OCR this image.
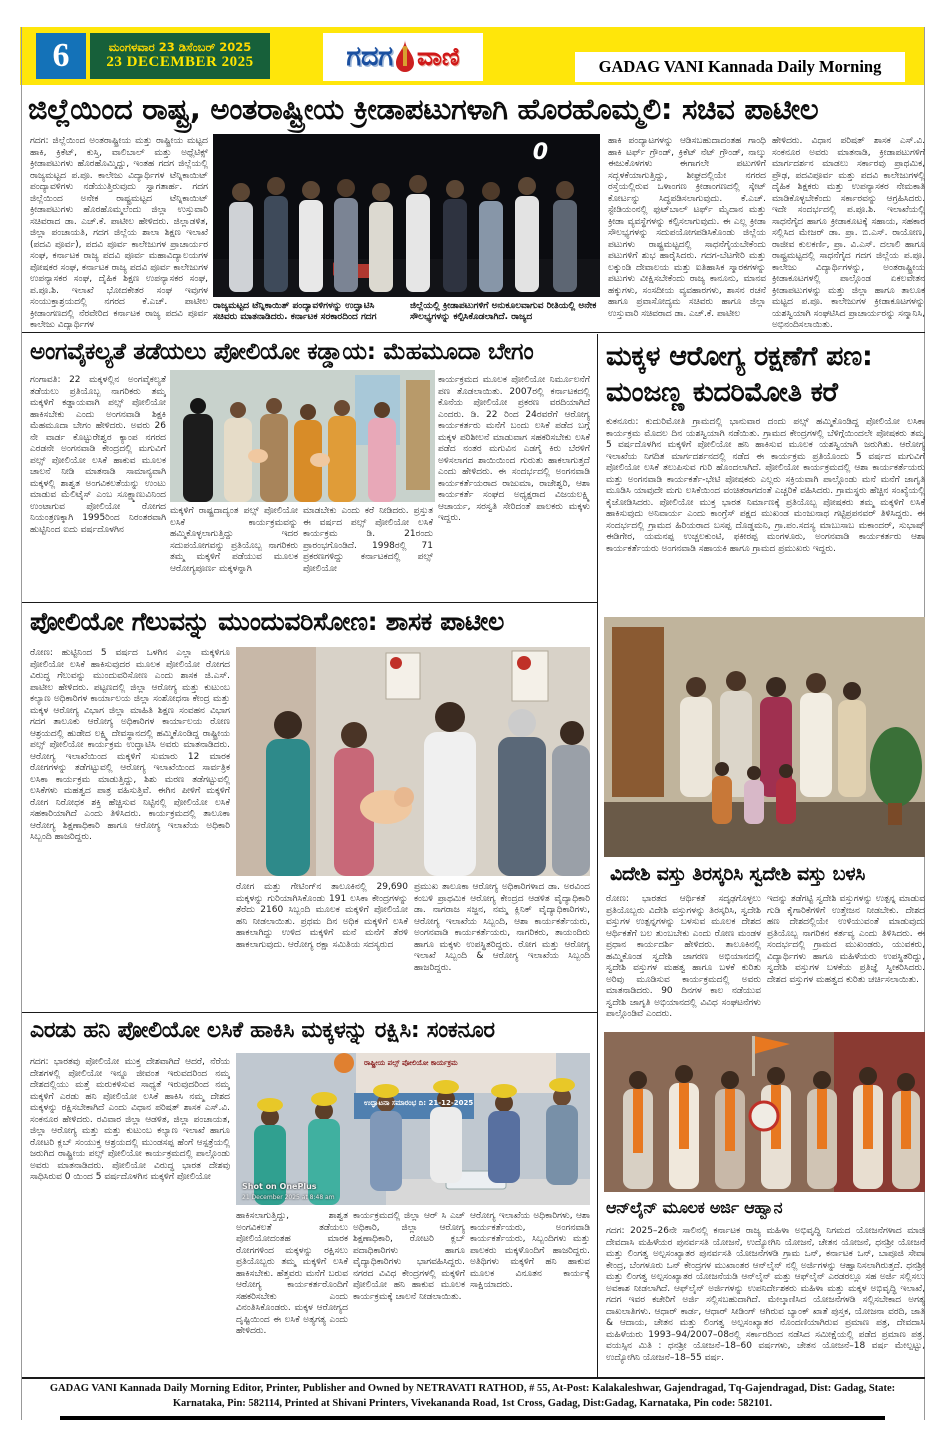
6	ಮಂಗಳವಾರ 23 ಡಿಸೆಂಬರ್ 2025
23 DECEMBER 2025	ಗದಗ ವಾಣಿ	GADAG VANI Kannada Daily Morning
ಜಿಲ್ಲೆಯಿಂದ ರಾಷ್ಟ್ರ, ಅಂತರಾಷ್ಟ್ರೀಯ ಕ್ರೀಡಾಪಟುಗಳಾಗಿ ಹೊರಹೊಮ್ಮಲಿ: ಸಚಿವ ಪಾಟೀಲ
ಗದಗ: ಜಿಲ್ಲೆಯಿಂದ ಅಂತರಾಷ್ಟ್ರೀಯ ಮತ್ತು ರಾಷ್ಟ್ರೀಯ ಮಟ್ಟದ ಹಾಕಿ, ಕ್ರಿಕೆಟ್, ಕುಸ್ತಿ, ವಾಲಿಬಾಲ್ ಮತ್ತು ಅಥ್ಲೆಟಿಕ್ಸ್ ಕ್ರೀಡಾಪಟುಗಳು ಹೊರಹೊಮ್ಮಿದ್ದು, ಇಂತಹ ಗದಗ ಜಿಲ್ಲೆಯಲ್ಲಿ ರಾಜ್ಯಮಟ್ಟದ ಪ.ಪೂ. ಕಾಲೇಜು ವಿದ್ಯಾರ್ಥಿಗಳ ಟೆನ್ನಿಕಾಯಿಟ್ ಪಂದ್ಯಾವಳಿಗಳು ನಡೆಯುತ್ತಿರುವುದು ಸ್ವಾಗತಾರ್ಹ. ಗದಗ ಜಿಲ್ಲೆಯಿಂದ ಅನೇಕ ರಾಷ್ಟ್ರಮಟ್ಟದ ಟೆನ್ನಿಕಾಯಿಟ್ ಕ್ರೀಡಾಪಟುಗಳು ಹೊರಹೊಮ್ಮಲೆಂದು ಜಿಲ್ಲಾ ಉಸ್ತುವಾರಿ ಸಚಿವರಾದ ಡಾ. ಎಚ್.ಕೆ. ಪಾಟೀಲ ಹೇಳಿದರು. ಜಿಲ್ಲಾಡಳಿತ, ಜಿಲ್ಲಾ ಪಂಚಾಯತಿ, ಗದಗ ಜಿಲ್ಲೆಯ ಶಾಲಾ ಶಿಕ್ಷಣ ಇಲಾಖೆ (ಪದವಿ ಪೂರ್ವ), ಪದವಿ ಪೂರ್ವ ಕಾಲೇಜುಗಳ ಪ್ರಾಚಾರ್ಯರ ಸಂಘ, ಕರ್ನಾಟಕ ರಾಜ್ಯ ಪದವಿ ಪೂರ್ವ ಮಹಾವಿದ್ಯಾಲಯಗಳ ಪೋಷಕರ ಸಂಘ, ಕರ್ನಾಟಕ ರಾಜ್ಯ ಪದವಿ ಪೂರ್ವ ಕಾಲೇಜುಗಳ ಉಪನ್ಯಾಸಕರ ಸಂಘ, ದೈಹಿಕ ಶಿಕ್ಷಣ ಉಪನ್ಯಾಸಕರ ಸಂಘ, ಪ.ಪೂ.ಶಿ. ಇಲಾಖೆ ಭೋದಕೇತರ ಸಂಘ ಇವುಗಳ ಸಂಯುಕ್ತಾಶ್ರಯದಲ್ಲಿ ನಗರದ ಕೆ.ಎಚ್. ಪಾಟೀಲ ಕ್ರೀಡಾಂಗಣದಲ್ಲಿ ನೆರವೇರಿದ ಕರ್ನಾಟಕ ರಾಜ್ಯ ಪದವಿ ಪೂರ್ವ ಕಾಲೇಜು ವಿದ್ಯಾರ್ಥಿಗಳ
0
ರಾಜ್ಯಮಟ್ಟದ ಟೆನ್ನಿಕಾಯಿತ್ ಪಂದ್ಯಾವಳಿಗಳನ್ನು ಉದ್ಘಾಟಿಸಿ ಸಚಿವರು ಮಾತನಾಡಿದರು. ಕರ್ನಾಟಕ ಸರಕಾರದಿಂದ ಗದಗ
ಜಿಲ್ಲೆಯಲ್ಲಿ ಕ್ರೀಡಾಪಟುಗಳಿಗೆ ಅನುಕೂಲವಾಗುವ ರೀತಿಯಲ್ಲಿ ಅನೇಕ ಸೌಲಭ್ಯಗಳನ್ನು ಕಲ್ಪಿಸಿಕೊಡಲಾಗಿದೆ. ರಾಜ್ಯದ
ಹಾಕಿ ಪಂದ್ಯಾಟಗಳನ್ನು ಆಡಿಸಬಹುದಾದಂತಹ ಗಾಂಧಿ ಹಾಕಿ ಟರ್ಫ್ ಗ್ರೌಂಡ್, ಕ್ರಿಕೆಟ್ ನೆಟ್ ಗ್ರೌಂಡ್, ನಾಲ್ಕು ಈಜುಕೊಳಗಳು ಈಗಾಗಲೇ ಪಟುಗಳಿಗೆ ಸದ್ಬಳಕೆಯಾಗುತ್ತಿದ್ದು, ಶೀಘ್ರದಲ್ಲಿಯೇ ನಗರದ ರಸ್ತೆಯಲ್ಲಿರುವ ಒಳಾಂಗಣ ಕ್ರೀಡಾಂಗಣದಲ್ಲಿ ಸ್ಕೇಟ್ ಕೋರ್ಟನ್ನು ಸಿದ್ಧಪಡಿಸಲಾಗುವುದು. ಕೆ.ಎಚ್. ಸ್ಟೇಡಿಯಂನಲ್ಲಿ ಫುಟ್‌ಬಾಲ್ ಟರ್ಫ್ ಮೈದಾನ ಮತ್ತು ಕ್ರೀಡಾ ವ್ಯವಸ್ಥೆಗಳನ್ನು ಕಲ್ಪಿಸಲಾಗುವುದು. ಈ ಎಲ್ಲ ಕ್ರೀಡಾ ಸೌಲಭ್ಯಗಳನ್ನು ಸದುಪಯೋಗಪಡಿಸಿಕೊಂಡು ಜಿಲ್ಲೆಯ ಪಟುಗಳು ರಾಷ್ಟ್ರಮಟ್ಟದಲ್ಲಿ ಸಾಧನೆಗೈಯಬೇಕೆಂದು ಪಟುಗಳಿಗೆ ಶುಭ ಹಾರೈಸಿದರು. ಗದಗ-ಬೆಟಗೇರಿ ಮತ್ತು ಲಕ್ಕುಂಡಿ ದೇವಾಲಯ ಮತ್ತು ಐತಿಹಾಸಿಕ ಸ್ಮಾರಕಗಳನ್ನು ಪಟುಗಳು ವೀಕ್ಷಿಸಬೇಕೆಂದು ರಾಜ್ಯ ಕಾನೂನು, ಮಾನವ ಹಕ್ಕುಗಳು, ಸಂಸದೀಯ ವ್ಯವಹಾರಗಳು, ಶಾಸನ ರಚನೆ ಹಾಗೂ ಪ್ರವಾಸೋದ್ಯಮ ಸಚಿವರು ಹಾಗೂ ಜಿಲ್ಲಾ ಉಸ್ತುವಾರಿ ಸಚಿವರಾದ ಡಾ. ಎಚ್.ಕೆ. ಪಾಟೀಲ
ಹೇಳಿದರು. ವಿಧಾನ ಪರಿಷತ್ ಶಾಸಕ ಎಸ್.ವಿ. ಸಂಕನೂರ ಅವರು ಮಾತನಾಡಿ, ಕ್ರೀಡಾಪಟುಗಳಿಗೆ ಮಾರ್ಗದರ್ಶನ ಮಾಡಲು ಸರ್ಕಾರವು ಪ್ರಾಥಮಿಕ, ಪ್ರೌಢ, ಪದವಿಪೂರ್ವ ಮತ್ತು ಪದವಿ ಕಾಲೇಜುಗಳಲ್ಲಿ ದೈಹಿಕ ಶಿಕ್ಷಕರು ಮತ್ತು ಉಪನ್ಯಾಸಕರ ನೇಮಕಾತಿ ಮಾಡಿಕೊಳ್ಳಬೇಕೆಂದು ಸರ್ಕಾರವನ್ನು ಆಗ್ರಹಿಸಿದರು. ಇದೇ ಸಂದರ್ಭದಲ್ಲಿ ಪ.ಪೂ.ಶಿ. ಇಲಾಖೆಯಲ್ಲಿ ಸಾಧನೆಗೈದ ಹಾಗೂ ಕ್ರೀಡಾಕೂಟಕ್ಕೆ ಸಹಾಯ, ಸಹಕಾರ ಸಲ್ಲಿಸಿದ ಮೇಜರ್ ಡಾ. ಪ್ರಾ. ಬಿ.ಎಸ್. ರಾಯೋಣ, ರಾಜೀವ ಕುಲಕರ್ಣಿ, ಪ್ರಾ. ವಿ.ಎಸ್. ದಲಾಲಿ ಹಾಗೂ ರಾಷ್ಟ್ರಮಟ್ಟದಲ್ಲಿ ಸಾಧನೆಗೈದ ಗದಗ ಜಿಲ್ಲೆಯ ಪ.ಪೂ. ಕಾಲೇಜು ವಿದ್ಯಾರ್ಥಿಗಳನ್ನು, ಅಂತರಾಷ್ಟ್ರೀಯ ಕ್ರೀಡಾಕೂಟಗಳಲ್ಲಿ ಪಾಲ್ಗೊಂಡ ಏಕಲವೇತನ ಕ್ರೀಡಾಪಟುಗಳನ್ನು ಮತ್ತು ಜಿಲ್ಲಾ ಹಾಗೂ ತಾಲೂಕ ಮಟ್ಟದ ಪ.ಪೂ. ಕಾಲೇಜುಗಳ ಕ್ರೀಡಾಕೂಟಗಳನ್ನು ಯಶಸ್ವಿಯಾಗಿ ಸಂಘಟಿಸಿದ ಪ್ರಾಚಾರ್ಯರನ್ನು ಸನ್ಮಾನಿಸಿ, ಅಭಿನಂದಿಸಲಾಯಿತು.
ಅಂಗವೈಕಲ್ಯತೆ ತಡೆಯಲು ಪೋಲಿಯೋ ಕಡ್ಡಾಯ: ಮೆಹಮೂದಾ ಬೇಗಂ
ಗಂಗಾವತಿ: 22 ಮಕ್ಕಳಲ್ಲಿನ ಅಂಗವೈಕಲ್ಯತೆ ತಡೆಯಲು ಪ್ರತಿಯೊಬ್ಬ ನಾಗರಿಕರು ತಮ್ಮ ಮಕ್ಕಳಿಗೆ ಕಡ್ಡಾಯವಾಗಿ ಪಲ್ಸ್ ಪೋಲಿಯೋ ಹಾಕಿಸಬೇಕು ಎಂದು ಅಂಗನವಾಡಿ ಶಿಕ್ಷಕಿ ಮೆಹಮೂದಾ ಬೇಗಂ ಹೇಳಿದರು. ಅವರು 26 ನೇ ವಾರ್ಡ ಕೊಟ್ಟುರೇಶ್ವರ ಕ್ಯಾಂಪ ನಗರದ ಎರಡನೇ ಅಂಗನವಾಡಿ ಕೇಂದ್ರದಲ್ಲಿ ಮಗುವಿಗೆ ಪಲ್ಸ್ ಪೋಲಿಯೋ ಲಸಿಕೆ ಹಾಕುವ ಮೂಲಕ ಚಾಲನೆ ನೀಡಿ ಮಾತನಾಡಿ ಸಾಮಾನ್ಯವಾಗಿ ಮಕ್ಕಳಲ್ಲಿ ಶಾಶ್ವತ ಅಂಗವಿಕಲತೆಯನ್ನು ಉಂಟು ಮಾಡುವ ಮೆಲಿಟೈಸ್ ಎಂಬ ಸೂಕ್ಷ್ಮಾಣುವಿನಿಂದ ಉಂಟಾಗುವ ಪೋಲಿಯೋ ರೋಗದ ನಿಯಂತ್ರಣಕ್ಕಾಗಿ 1995ರಿಂದ ನಿರಂತರವಾಗಿ ಹುಟ್ಟಿನಿಂದ ಐದು ವರ್ಷದೊಳಗಿನ
ಮಕ್ಕಳಿಗೆ ರಾಷ್ಟ್ರದಾದ್ಯಂತ ಪಲ್ಸ್ ಪೋಲಿಯೋ ಲಸಿಕೆ ಕಾರ್ಯಕ್ರಮವನ್ನು ಹಮ್ಮಿಕೊಳ್ಳಲಾಗುತ್ತಿದ್ದು ಇದರ ಸದುಪಯೋಗವನ್ನು ಪ್ರತಿಯೊಬ್ಬ ನಾಗರಿಕರು ತಮ್ಮ ಮಕ್ಕಳಿಗೆ ಪಡೆಯುವ ಮೂಲಕ ಆರೋಗ್ಯಪೂರ್ಣ ಮಕ್ಕಳನ್ನಾಗಿ
ಮಾಡಬೇಕು ಎಂದು ಕರೆ ನೀಡಿದರು. ಪ್ರಸ್ತುತ ಈ ವರ್ಷದ ಪಲ್ಸ್ ಪೋಲಿಯೋ ಲಸಿಕೆ ಕಾರ್ಯಕ್ರಮ ಡಿ. 21ರಂದು ಪ್ರಾರಂಭಗೊಂಡಿದೆ. 1998ರಲ್ಲಿ 71 ಪ್ರಕರಣಗಳಿದ್ದು ಕರ್ನಾಟಕದಲ್ಲಿ ಪಲ್ಸ್ ಪೋಲಿಯೋ
ಕಾರ್ಯಕ್ರಮದ ಮೂಲಕ ಪೋಲಿಯೋ ನಿರ್ಮೂಲನೆಗೆ ಪಣ ತೊಡಲಾಯಿತು. 2007ರಲ್ಲಿ ಕರ್ನಾಟಕದಲ್ಲಿ ಕೊನೆಯ ಪೋಲಿಯೋ ಪ್ರಕರಣ ವರದಿಯಾಗಿದೆ ಎಂದರು. ಡಿ. 22 ರಿಂದ 24ರವರೆಗೆ ಆರೋಗ್ಯ ಕಾರ್ಯಕರ್ತರು ಮನೆಗೆ ಬಂದು ಲಸಿಕೆ ಪಡೆದ ಬಗ್ಗೆ ಮಕ್ಕಳ ಪರಿಶೀಲನೆ ಮಾಡುವಾಗ ಸಹಕರಿಸಬೇಕು ಲಸಿಕೆ ಪಡೆದ ನಂತರ ಮಗುವಿನ ಎಡಗೈ ಕಿರು ಬೆರಳಿಗೆ ಅಳಿಸಲಾಗದ ಶಾಯಿಯಿಂದ ಗುರುತು ಹಾಕಲಾಗುತ್ತದೆ ಎಂದು ಹೇಳಿದರು. ಈ ಸಂದರ್ಭದಲ್ಲಿ ಅಂಗನವಾಡಿ ಕಾರ್ಯಕರ್ತೆಯರಾದ ರಾಜುಮಾ, ರಾಜೇಶ್ವರಿ, ಆಶಾ ಕಾರ್ಯಕರ್ತೆ ಸಂಘದ ಅಧ್ಯಕ್ಷರಾದ ವಿಜಯಲಕ್ಷ್ಮಿ ಆಚಾರ್ಯ, ಸರಸ್ವತಿ ಸೇರಿದಂತೆ ಪಾಲಕರು ಮಕ್ಕಳು ಇದ್ದರು.
ಪೋಲಿಯೋ ಗೆಲುವನ್ನು ಮುಂದುವರಿಸೋಣ: ಶಾಸಕ ಪಾಟೀಲ
ರೋಣ: ಹುಟ್ಟಿನಿಂದ 5 ವರ್ಷದ ಒಳಗಿನ ಎಲ್ಲಾ ಮಕ್ಕಳಿಗೂ ಪೋಲಿಯೋ ಲಸಿಕೆ ಹಾಕಿಸುವುದರ ಮೂಲಕ ಪೋಲಿಯೋ ರೋಗದ ವಿರುದ್ಧ ಗೆಲುವನ್ನು ಮುಂದುವರಿಸೋಣ ಎಂದು ಶಾಸಕ ಜಿ.ಎಸ್. ಪಾಟೀಲ ಹೇಳಿದರು. ಪಟ್ಟಣದಲ್ಲಿ ಜಿಲ್ಲಾ ಆರೋಗ್ಯ ಮತ್ತು ಕುಟುಂಬ ಕಲ್ಯಾಣ ಅಧಿಕಾರಿಗಳ ಕಾರ್ಯಾಲಯ ಜಿಲ್ಲಾ ಸಂಶೋಧನಾ ಕೇಂದ್ರ ಮತ್ತು ಮಕ್ಕಳ ಆರೋಗ್ಯ ವಿಭಾಗ ಜಿಲ್ಲಾ ಮಾಹಿತಿ ಶಿಕ್ಷಣ ಸಂವಹನ ವಿಭಾಗ ಗದಗ ತಾಲೂಕು ಆರೋಗ್ಯ ಅಧಿಕಾರಿಗಳ ಕಾರ್ಯಾಲಯ ರೋಣ ಆಶ್ರಯದಲ್ಲಿ ಹುಡೇದ ಲಕ್ಷ್ಮಿ ದೇವಸ್ಥಾನದಲ್ಲಿ ಹಮ್ಮಿಕೊಂಡಿದ್ದ ರಾಷ್ಟ್ರೀಯ ಪಲ್ಸ್ ಪೋಲಿಯೋ ಕಾರ್ಯಕ್ರಮ ಉದ್ಘಾಟಿಸಿ ಅವರು ಮಾತನಾಡಿದರು. ಆರೋಗ್ಯ ಇಲಾಖೆಯಿಂದ ಮಕ್ಕಳಿಗೆ ಸುಮಾರು 12 ಮಾರಕ ರೋಗಗಳನ್ನು ತಡೆಗಟ್ಟುವಲ್ಲಿ ಆರೋಗ್ಯ ಇಲಾಖೆಯಿಂದ ಸಾರ್ವತ್ರಿಕ ಲಸಿಕಾ ಕಾರ್ಯಕ್ರಮ ಮಾಡುತ್ತಿದ್ದು, ಶಿಶು ಮರಣ ತಡೆಗಟ್ಟುವಲ್ಲಿ ಲಸಿಕೆಗಳು ಮಹತ್ವದ ಪಾತ್ರ ವಹಿಸುತ್ತಿವೆ. ಈಗಿನ ಪೀಳಿಗೆ ಮಕ್ಕಳಿಗೆ ರೋಗ ನಿರೋಧಕ ಶಕ್ತಿ ಹೆಚ್ಚಿಸುವ ನಿಟ್ಟಿನಲ್ಲಿ ಪೋಲಿಯೋ ಲಸಿಕೆ ಸಹಕಾರಿಯಾಗಿದೆ ಎಂದು ತಿಳಿಸಿದರು. ಕಾರ್ಯಕ್ರಮದಲ್ಲಿ ತಾಲೂಕಾ ಆರೋಗ್ಯ ಶಿಕ್ಷಣಾಧಿಕಾರಿ ಹಾಗೂ ಆರೋಗ್ಯ ಇಲಾಖೆಯ ಅಧಿಕಾರಿ ಸಿಬ್ಬಂದಿ ಹಾಜರಿದ್ದರು.
ರೋಗ ಮತ್ತು ಗೇಟಿಂಗ್‌ನ ತಾಲೂಕಿನಲ್ಲಿ 29,690 ಮಕ್ಕಳನ್ನು ಗುರಿಯಾಗಿಸಿಕೊಂಡು 191 ಲಸಿಕಾ ಕೇಂದ್ರಗಳನ್ನು ತೆರೆದು 2160 ಸಿಬ್ಬಂದಿ ಮೂಲಕ ಮಕ್ಕಳಿಗೆ ಪೋಲಿಯೋ ಹನಿ ನೀಡಲಾಯಿತು. ಪ್ರಥಮ ದಿನ ಅಧಿಕ ಮಕ್ಕಳಿಗೆ ಲಸಿಕೆ ಹಾಕಲಾಗಿದ್ದು ಉಳಿದ ಮಕ್ಕಳಿಗೆ ಮನೆ ಮನೆಗೆ ತೆರಳಿ ಹಾಕಲಾಗುವುದು. ಆರೋಗ್ಯ ರಕ್ಷಾ ಸಮಿತಿಯ ಸದಸ್ಯರುದ
ಪ್ರಮುಖ ತಾಲೂಕಾ ಆರೋಗ್ಯ ಅಧಿಕಾರಿಗಳಾದ ಡಾ. ಅರವಿಂದ ಕಂಬಳಿ ಪ್ರಾಥಮಿಕ ಆರೋಗ್ಯ ಕೇಂದ್ರದ ಆಡಳಿತ ವೈದ್ಯಾಧಿಕಾರಿ ಡಾ. ನಾಗರಾಜ ಸಜ್ಜನ, ನಮ್ಮ ಕ್ಲಿನಿಕ್ ವೈದ್ಯಾಧಿಕಾರಿಗಳು, ಆರೋಗ್ಯ ಇಲಾಖೆಯ ಸಿಬ್ಬಂದಿ, ಆಶಾ ಕಾರ್ಯಕರ್ತೆಯರು, ಅಂಗನವಾಡಿ ಕಾರ್ಯಕರ್ತೆಯರು, ನಾಗರಿಕರು, ತಾಯಂದಿರು ಹಾಗೂ ಮಕ್ಕಳು ಉಪಸ್ಥಿತರಿದ್ದರು. ರೋಗ ಮತ್ತು ಆರೋಗ್ಯ ಇಲಾಖೆ ಸಿಬ್ಬಂದಿ & ಆರೋಗ್ಯ ಇಲಾಖೆಯ ಸಿಬ್ಬಂದಿ ಹಾಜರಿದ್ದರು.
ಎರಡು ಹನಿ ಪೋಲಿಯೋ ಲಸಿಕೆ ಹಾಕಿಸಿ ಮಕ್ಕಳನ್ನು ರಕ್ಷಿಸಿ: ಸಂಕನೂರ
ಗದಗ: ಭಾರತವು ಪೋಲಿಯೋ ಮುಕ್ತ ದೇಶವಾಗಿದೆ ಆದರೆ, ನೆರೆಯ ದೇಶಗಳಲ್ಲಿ ಪೋಲಿಯೋ ಇನ್ನೂ ಜೀವಂತ ಇರುವದರಿಂದ ನಮ್ಮ ದೇಶದಲ್ಲಿಯು ಮತ್ತೆ ಮರುಕಳಿಸುವ ಸಾಧ್ಯತೆ ಇರುವುದರಿಂದ ನಮ್ಮ ಮಕ್ಕಳಿಗೆ ಎರಡು ಹನಿ ಪೋಲಿಯೋ ಲಸಿಕೆ ಹಾಕಿಸಿ ನಮ್ಮ ದೇಶದ ಮಕ್ಕಳನ್ನು ರಕ್ಷಿಸಬೇಕಾಗಿದೆ ಎಂದು ವಿಧಾನ ಪರಿಷತ್ ಶಾಸಕ ಎಸ್.ವಿ. ಸಂಕನೂರ ಹೇಳಿದರು. ರವಿವಾರ ಜಿಲ್ಲಾ ಆಡಳಿತ, ಜಿಲ್ಲಾ ಪಂಚಾಯತ, ಜಿಲ್ಲಾ ಆರೋಗ್ಯ ಮತ್ತು ಮತ್ತು ಕುಟುಂಬ ಕಲ್ಯಾಣ ಇಲಾಖೆ ಹಾಗೂ ರೋಟರಿ ಕ್ಲಬ್ ಸಂಯುಕ್ತ ಆಶ್ರಯದಲ್ಲಿ ಮುಂಡಸಪ್ಪ ಹೆಂಗೆ ಆಸ್ಪತ್ರೆಯಲ್ಲಿ ಜರುಗಿದ ರಾಷ್ಟ್ರೀಯ ಪಲ್ಸ್ ಪೋಲಿಯೋ ಕಾರ್ಯಕ್ರಮದಲ್ಲಿ ಪಾಲ್ಗೊಂಡು ಅವರು ಮಾತನಾಡಿದರು. ಪೋಲಿಯೋ ವಿರುದ್ಧ ಭಾರತ ದೇಶವು ಸಾಧಿಸಿರುವ 0 ಯಿಂದ 5 ವರ್ಷದೊಳಗಿನ ಮಕ್ಕಳಿಗೆ ಪೋಲಿಯೋ
ರಾಷ್ಟ್ರೀಯ ಪಲ್ಸ್ ಪೋಲಿಯೋ ಕಾರ್ಯಕ್ರಮ
ಉದ್ಘಾಟನಾ ಸಮಾರಂಭ ದಿ: 21-12-2025
Shot on OnePlus
21 December 2025 at 8:48 am
ಹಾಕಿಸಲಾಗುತ್ತಿದ್ದು, ಶಾಶ್ವತ ಅಂಗವಿಕಲತೆ ತಡೆಯಲು ಪೋಲಿಯೋದಂತಹ ಮಾರಕ ರೋಗಗಳಿಂದ ಮಕ್ಕಳನ್ನು ರಕ್ಷಿಸಲು ಪ್ರತಿಯೊಬ್ಬರು ತಮ್ಮ ಮಕ್ಕಳಿಗೆ ಲಸಿಕೆ ಹಾಕಿಸಬೇಕು. ಹೆತ್ತವರು ಮನೆಗೆ ಬರುವ ಆರೋಗ್ಯ ಕಾರ್ಯಕರ್ತರೊಂದಿಗೆ ಸಹಕರಿಸಬೇಕು ಎಂದು ವಿನಂತಿಸಿಕೊಂಡರು. ಮಕ್ಕಳ ಆರೋಗ್ಯದ ದೃಷ್ಟಿಯಿಂದ ಈ ಲಸಿಕೆ ಅತ್ಯಗತ್ಯ ಎಂದು ಹೇಳಿದರು.
ಕಾರ್ಯಕ್ರಮದಲ್ಲಿ ಜಿಲ್ಲಾ ಆರ್ ಸಿ ಎಚ್ ಅಧಿಕಾರಿ, ಜಿಲ್ಲಾ ಆರೋಗ್ಯ ಶಿಕ್ಷಣಾಧಿಕಾರಿ, ರೋಟರಿ ಕ್ಲಬ್ ಪದಾಧಿಕಾರಿಗಳು ಹಾಗೂ ವೈದ್ಯಾಧಿಕಾರಿಗಳು ಭಾಗವಹಿಸಿದ್ದರು. ನಗರದ ವಿವಿಧ ಕೇಂದ್ರಗಳಲ್ಲಿ ಮಕ್ಕಳಿಗೆ ಪೋಲಿಯೋ ಹನಿ ಹಾಕುವ ಮೂಲಕ ಕಾರ್ಯಕ್ರಮಕ್ಕೆ ಚಾಲನೆ ನೀಡಲಾಯಿತು.
ಆರೋಗ್ಯ ಇಲಾಖೆಯ ಅಧಿಕಾರಿಗಳು, ಆಶಾ ಕಾರ್ಯಕರ್ತೆಯರು, ಅಂಗನವಾಡಿ ಕಾರ್ಯಕರ್ತೆಯರು, ಸಿಬ್ಬಂದಿಗಳು ಮತ್ತು ಪಾಲಕರು ಮಕ್ಕಳೊಂದಿಗೆ ಹಾಜರಿದ್ದರು. ಅತಿಥಿಗಳು ಮಕ್ಕಳಿಗೆ ಹನಿ ಹಾಕುವ ಮೂಲಕ ವಿನೂತನ ಕಾರ್ಯಕ್ಕೆ ಸಾಕ್ಷಿಯಾದರು.
ಮಕ್ಕಳ ಆರೋಗ್ಯ ರಕ್ಷಣೆಗೆ ಪಣ:
ಮಂಜಣ್ಣ ಕುದರಿಮೋತಿ ಕರೆ
ಕುಕನೂರು: ಕುದುರಿಮೋತಿ ಗ್ರಾಮದಲ್ಲಿ ಭಾನುವಾರ ದಂದು ಪಲ್ಸ್ ಹಮ್ಮಿಕೊಂಡಿದ್ದ ಪೋಲಿಯೋ ಲಸಿಕಾ ಕಾರ್ಯಕ್ರಮ ಮೊದಲ ದಿನ ಯಶಸ್ವಿಯಾಗಿ ನಡೆಯಿತು. ಗ್ರಾಮದ ಕೇಂದ್ರಗಳಲ್ಲಿ ಬೆಳಿಗ್ಗೆಯಿಂದಲೇ ಪೋಷಕರು ತಮ್ಮ 5 ವರ್ಷದೊಳಗಿನ ಮಕ್ಕಳಿಗೆ ಪೋಲಿಯೋ ಹನಿ ಹಾಕಿಸುವ ಮೂಲಕ ಯಶಸ್ವಿಯಾಗಿ ಜರುಗಿತು. ಆರೋಗ್ಯ ಇಲಾಖೆಯ ನಿಗದಿತ ಮಾರ್ಗದರ್ಶನದಲ್ಲಿ ನಡೆದ ಈ ಕಾರ್ಯಕ್ರಮ ಪ್ರತಿಯೊಂದು 5 ವರ್ಷದ ಮಗುವಿಗೆ ಪೋಲಿಯೋ ಲಸಿಕೆ ತಲುಪಿಸುವ ಗುರಿ ಹೊಂದಲಾಗಿದೆ. ಪೋಲಿಯೋ ಕಾರ್ಯಕ್ರಮದಲ್ಲಿ ಆಶಾ ಕಾರ್ಯಕರ್ತೆಯರು ಮತ್ತು ಅಂಗನವಾಡಿ ಕಾರ್ಯಕರ್ತೆ-ಭೇಟಿ ಪೋಷಕರು ಎಲ್ಲರು ಸಕ್ರಿಯವಾಗಿ ಪಾಲ್ಗೊಂಡು ಮನೆ ಮನೆಗೆ ಜಾಗೃತಿ ಮೂಡಿಸಿ ಯಾವುದೇ ಮಗು ಲಸಿಕೆಯಿಂದ ವಂಚಿತರಾಗದಂತೆ ಎಚ್ಚರಿಕೆ ವಹಿಸಿದರು. ಗ್ರಾಮಸ್ಥರು ಹೆಚ್ಚಿನ ಸಂಖ್ಯೆಯಲ್ಲಿ ಕೈಜೋಡಿಸಿದರು. ಪೋಲಿಯೋ ಮುಕ್ತ ಭಾರತ ನಿರ್ಮಾಣಕ್ಕೆ ಪ್ರತಿಯೊಬ್ಬ ಪೋಷಕರು ತಮ್ಮ ಮಕ್ಕಳಿಗೆ ಲಸಿಕೆ ಹಾಕಿಸುವುದು ಅನಿವಾರ್ಯ ಎಂದು ಕಾಂಗ್ರೆಸ್ ಪಕ್ಷದ ಮುಖಂಡ ಮಂಜುನಾಥ ಗಟ್ಟಿಪ್ರಪನವರ್ ತಿಳಿಸಿದ್ದರು. ಈ ಸಂದರ್ಭದಲ್ಲಿ ಗ್ರಾಮದ ಹಿರಿಯರಾದ ಬಸಪ್ಪ ದೊಡ್ಡಮನಿ, ಗ್ರಾ.ಪಂ.ಸದಸ್ಯ ಮಾಬುಸಾಬ ಮಕಾಂದರ್, ಸುಭಾಷ್ ಈಡಿಗೇರ, ಯಮನಪ್ಪ ಉಚ್ಚಲಕುಂಟಿ, ಫಕೀರಪ್ಪ ಮಂಗಳೂರು, ಅಂಗನವಾಡಿ ಕಾರ್ಯಕರ್ತರು ಆಶಾ ಕಾರ್ಯಕರ್ತೆಯರು ಅಂಗನವಾಡಿ ಸಹಾಯಕಿ ಹಾಗೂ ಗ್ರಾಮದ ಪ್ರಮುಖರು ಇದ್ದರು.
ವಿದೇಶಿ ವಸ್ತು ತಿರಸ್ಕರಿಸಿ ಸ್ವದೇಶಿ ವಸ್ತು ಬಳಸಿ
ರೋಣ: ಭಾರತದ ಆರ್ಥಿಕತೆ ಸದೃಢಗೊಳ್ಳಲು ಪ್ರತಿಯೊಬ್ಬರು ವಿದೇಶಿ ವಸ್ತುಗಳನ್ನು ತಿರಸ್ಕರಿಸಿ, ಸ್ವದೇಶಿ ವಸ್ತುಗಳ ಉತ್ಪನ್ನಗಳನ್ನು ಬಳಸುವ ಮೂಲಕ ದೇಶದ ಆರ್ಥಿಕತೆಗೆ ಬಲ ತುಂಬಬೇಕು ಎಂದು ರೋಣ ಮಂಡಳ ಪ್ರಧಾನ ಕಾರ್ಯದರ್ಶಿ ಹೇಳಿದರು. ತಾಲೂಕಿನಲ್ಲಿ ಹಮ್ಮಿಕೊಂಡ ಸ್ವದೇಶಿ ಜಾಗರಣ ಅಭಿಯಾನದಲ್ಲಿ ಸ್ವದೇಶಿ ವಸ್ತುಗಳ ಮಹತ್ವ ಹಾಗೂ ಬಳಕೆ ಕುರಿತು ಅರಿವು ಮೂಡಿಸುವ ಕಾರ್ಯಕ್ರಮದಲ್ಲಿ ಅವರು ಮಾತನಾಡಿದರು. 90 ದಿನಗಳ ಕಾಲ ನಡೆಯುವ ಸ್ವದೇಶಿ ಜಾಗೃತಿ ಅಭಿಯಾನದಲ್ಲಿ ವಿವಿಧ ಸಂಘಟನೆಗಳು ಪಾಲ್ಗೊಂಡಿವೆ ಎಂದರು.
ಇದನ್ನು ತಡೆಗಟ್ಟಿ ಸ್ವದೇಶಿ ವಸ್ತುಗಳನ್ನು ಉತ್ಪನ್ನ ಮಾಡುವ ಗುಡಿ ಕೈಗಾರಿಕೆಗಳಿಗೆ ಉತ್ತೇಜನ ನೀಡಬೇಕು. ದೇಶದ ಹಣ ದೇಶದಲ್ಲಿಯೇ ಉಳಿಯುವಂತೆ ಮಾಡುವುದು ಪ್ರತಿಯೊಬ್ಬ ನಾಗರಿಕನ ಕರ್ತವ್ಯ ಎಂದು ತಿಳಿಸಿದರು. ಈ ಸಂದರ್ಭದಲ್ಲಿ ಗ್ರಾಮದ ಮುಖಂಡರು, ಯುವಕರು, ವಿದ್ಯಾರ್ಥಿಗಳು ಹಾಗೂ ಮಹಿಳೆಯರು ಉಪಸ್ಥಿತರಿದ್ದು, ಸ್ವದೇಶಿ ವಸ್ತುಗಳ ಬಳಕೆಯ ಪ್ರತಿಜ್ಞೆ ಸ್ವೀಕರಿಸಿದರು. ದೇಶದ ವಸ್ತುಗಳ ಮಹತ್ವದ ಕುರಿತು ಚರ್ಚಿಸಲಾಯಿತು.
ಆನ್‌ಲೈನ್ ಮೂಲಕ ಅರ್ಜಿ ಆಹ್ವಾನ
ಗದಗ: 2025–26ನೇ ಸಾಲಿನಲ್ಲಿ ಕರ್ನಾಟಕ ರಾಜ್ಯ ಮಹಿಳಾ ಅಭಿವೃದ್ಧಿ ನಿಗಮದ ಯೋಜನೆಗಳಾದ ಮಾಜಿ ದೇವದಾಸಿ ಮಹಿಳೆಯರ ಪುನರ್ವಸತಿ ಯೋಜನೆ, ಉದ್ಯೋಗಿನಿ ಯೋಜನೆ, ಚೇತನ ಯೋಜನೆ, ಧನಶ್ರೀ ಯೋಜನೆ ಮತ್ತು ಲಿಂಗತ್ವ ಅಲ್ಪಸಂಖ್ಯಾತರ ಪುನರ್ವಸತಿ ಯೋಜನೆಗಳಡಿ ಗ್ರಾಮ ಒನ್, ಕರ್ನಾಟಕ ಒನ್, ಬಾಪೂಜಿ ಸೇವಾ ಕೇಂದ್ರ, ಬೆಂಗಳೂರು ಒನ್ ಕೇಂದ್ರಗಳ ಮುಖಾಂತರ ಆನ್‌ಲೈನ್ ನಲ್ಲಿ ಅರ್ಜಿಗಳನ್ನು ಆಹ್ವಾನಿಸಲಾಗಿರುತ್ತದೆ. ಧನಶ್ರೀ ಮತ್ತು ಲಿಂಗತ್ವ ಅಲ್ಪಸಂಖ್ಯಾತರ ಯೋಜನೆಯಡಿ ಆನ್‌ಲೈನ್ ಮತ್ತು ಆಫ್‌ಲೈನ್ ಎರಡರಲ್ಲೂ ಸಹ ಅರ್ಜಿ ಸಲ್ಲಿಸಲು ಅವಕಾಶ ನೀಡಲಾಗಿದೆ. ಆಫ್‌ಲೈನ್ ಅರ್ಜಿಗಳನ್ನು ಉಪನಿರ್ದೇಶಕರು ಮಹಿಳಾ ಮತ್ತು ಮಕ್ಕಳ ಅಭಿವೃದ್ಧಿ ಇಲಾಖೆ, ಗದಗ ಇವರ ಕಚೇರಿಗೆ ಅರ್ಜಿ ಸಲ್ಲಿಸಬಹುದಾಗಿದೆ. ಮೇಲ್ಕಾಣಿಸಿದ ಯೋಜನೆಗಳಡಿ ಸಲ್ಲಿಸಬೇಕಾದ ಅಗತ್ಯ ದಾಖಲಾತಿಗಳು. ಆಧಾರ್ ಕಾರ್ಡ, ಆಧಾರ್ ಸೀಡಿಂಗ್ ಆಗಿರುವ ಬ್ಯಾಂಕ್ ಖಾತೆ ಪುಸ್ತಕ, ಯೋಜನಾ ವರದಿ, ಜಾತಿ & ಆದಾಯ, ಚೇತನ ಮತ್ತು ಲಿಂಗತ್ವ ಅಲ್ಪಸಂಖ್ಯಾತರ ನೊಂದಣಿಯಾಗಿರುವ ಪ್ರಮಾಣ ಪತ್ರ, ದೇವದಾಸಿ ಮಹಿಳೆಯರು 1993–94/2007–08ರಲ್ಲಿ ಸರ್ಕಾರದಿಂದ ನಡೆಸಿದ ಸಮೀಕ್ಷೆಯಲ್ಲಿ ಪಡೆದ ಪ್ರಮಾಣ ಪತ್ರ. ವಯಸ್ಸಿನ ಮಿತಿ : ಧನಶ್ರೀ ಯೋಜನೆ–18–60 ವರ್ಷಗಳು, ಚೇತನ ಯೋಜನೆ–18 ವರ್ಷ ಮೇಲ್ಪಟ್ಟು, ಉದ್ಯೋಗಿನಿ ಯೋಜನೆ–18–55 ವರ್ಷ.
GADAG VANI Kannada Daily Morning Editor, Printer, Publisher and Owned by NETRAVATI RATHOD, # 55, At-Post: Kalakaleshwar, Gajendragad, Tq-Gajendragad, Dist: Gadag, State:
Karnataka, Pin: 582114, Printed at Shivani Printers, Vivekananda Road, 1st Cross, Gadag, Dist:Gadag, Karnataka, Pin code: 582101.
